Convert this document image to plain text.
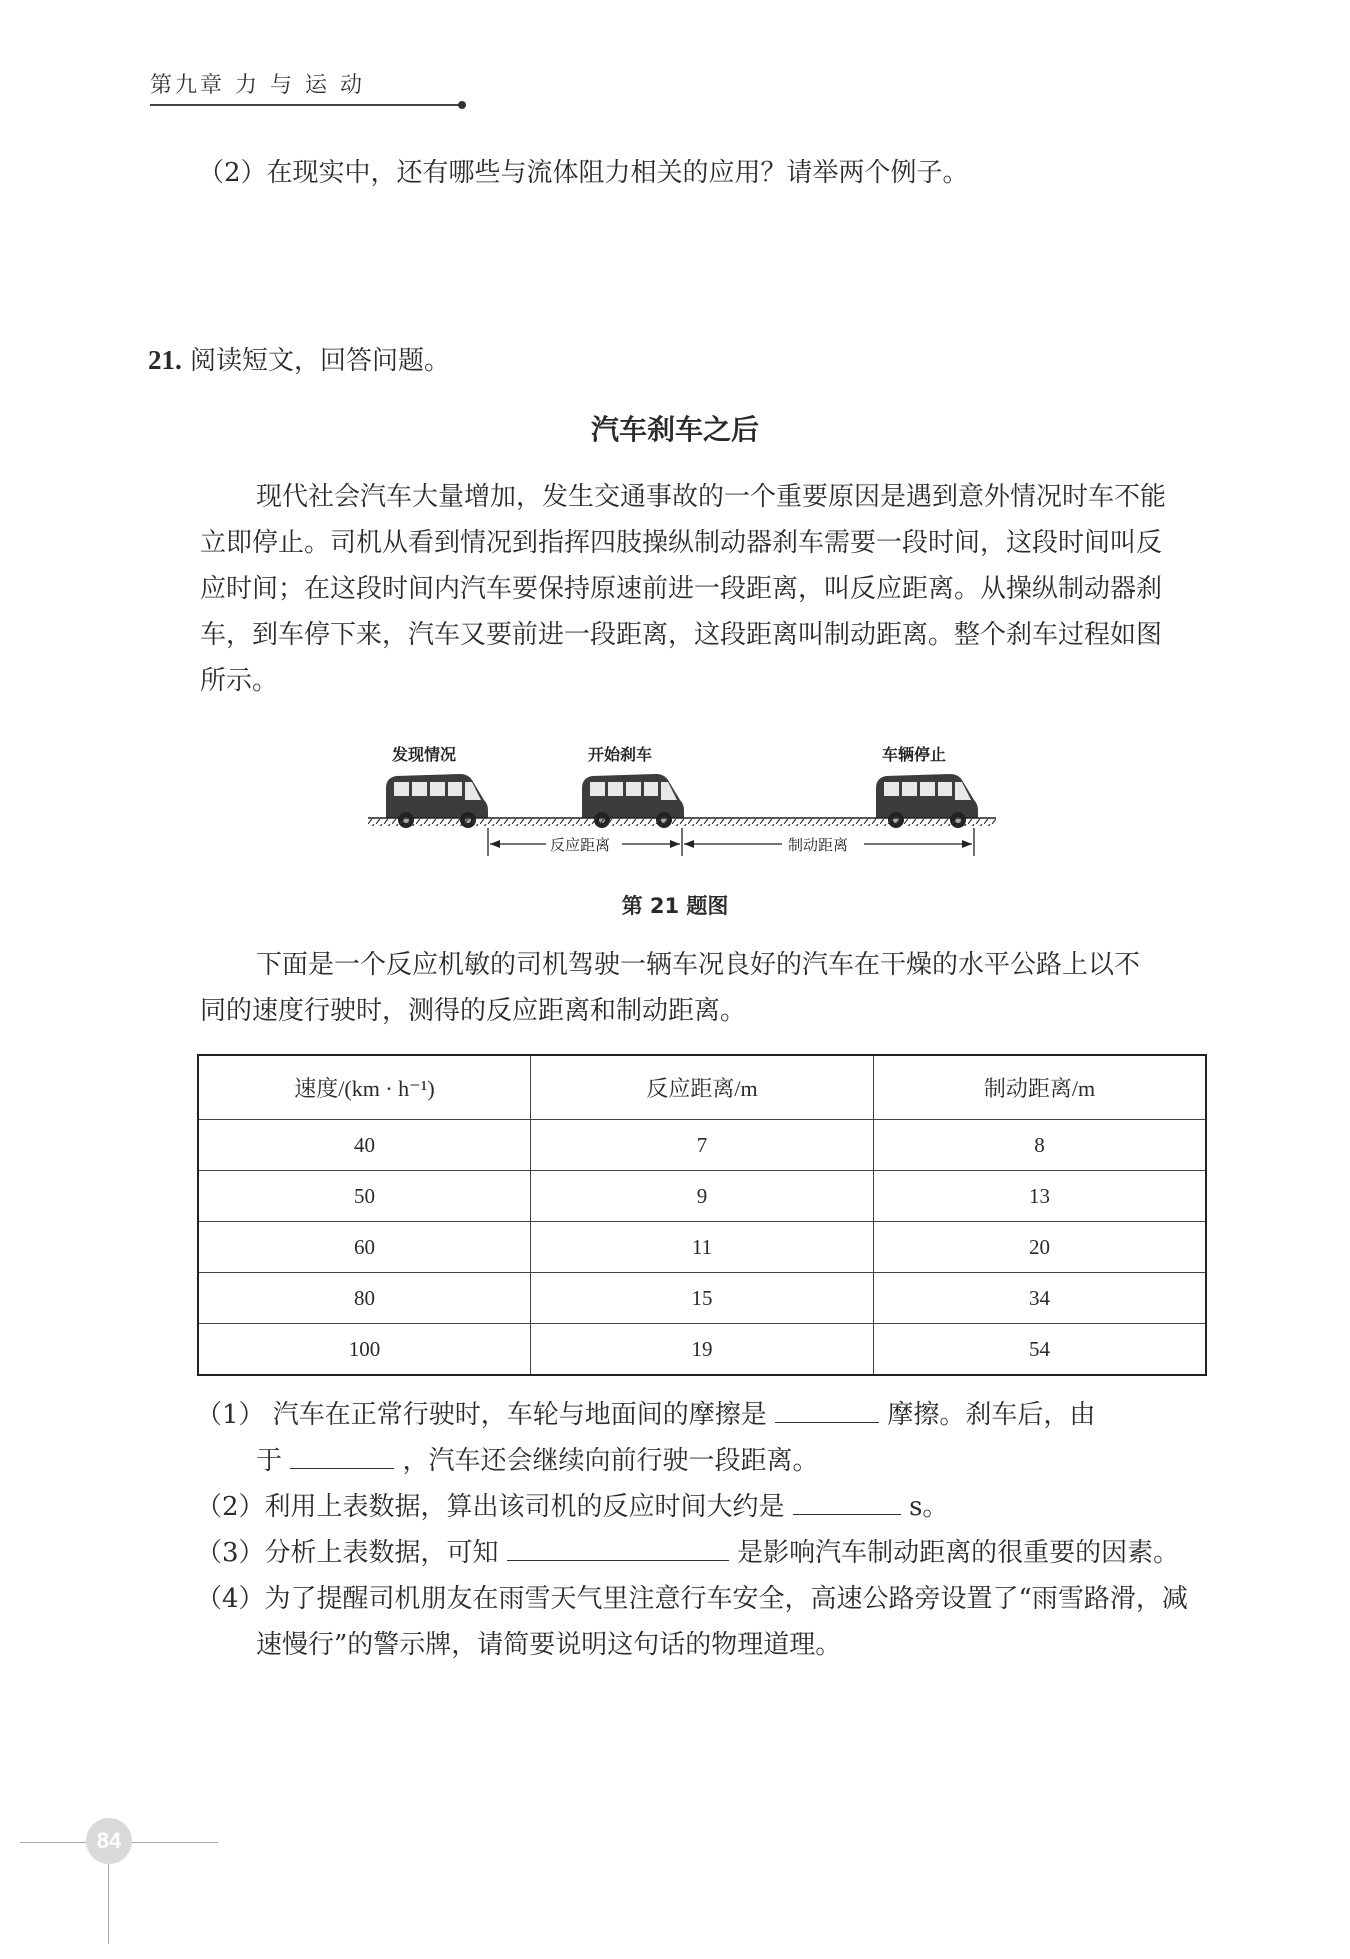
第九章 力 与 运 动
（2）在现实中，还有哪些与流体阻力相关的应用？请举两个例子。
21. 阅读短文，回答问题。
汽车刹车之后

现代社会汽车大量增加，发生交通事故的一个重要原因是遇到意外情况时车不能

立即停止。司机从看到情况到指挥四肢操纵制动器刹车需要一段时间，这段时间叫反

应时间；在这段时间内汽车要保持原速前进一段距离，叫反应距离。从操纵制动器刹

车，到车停下来，汽车又要前进一段距离，这段距离叫制动距离。整个刹车过程如图

所示。

发现情况	开始刹车	车辆停止
反应距离	制动距离
第 21 题图
下面是一个反应机敏的司机驾驶一辆车况良好的汽车在干燥的水平公路上以不
同的速度行驶时，测得的反应距离和制动距离。
速度/(km · h⁻¹)	反应距离/m	制动距离/m
40	7	8
50	9	13
60	11	20
80	15	34
100	19	54
（1） 汽车在正常行驶时，车轮与地面间的摩擦是	摩擦。刹车后，由
于	，汽车还会继续向前行驶一段距离。
（2）利用上表数据，算出该司机的反应时间大约是	s。
（3）分析上表数据，可知	是影响汽车制动距离的很重要的因素。
（4）为了提醒司机朋友在雨雪天气里注意行车安全，高速公路旁设置了“雨雪路滑，减
速慢行”的警示牌，请简要说明这句话的物理道理。
84
